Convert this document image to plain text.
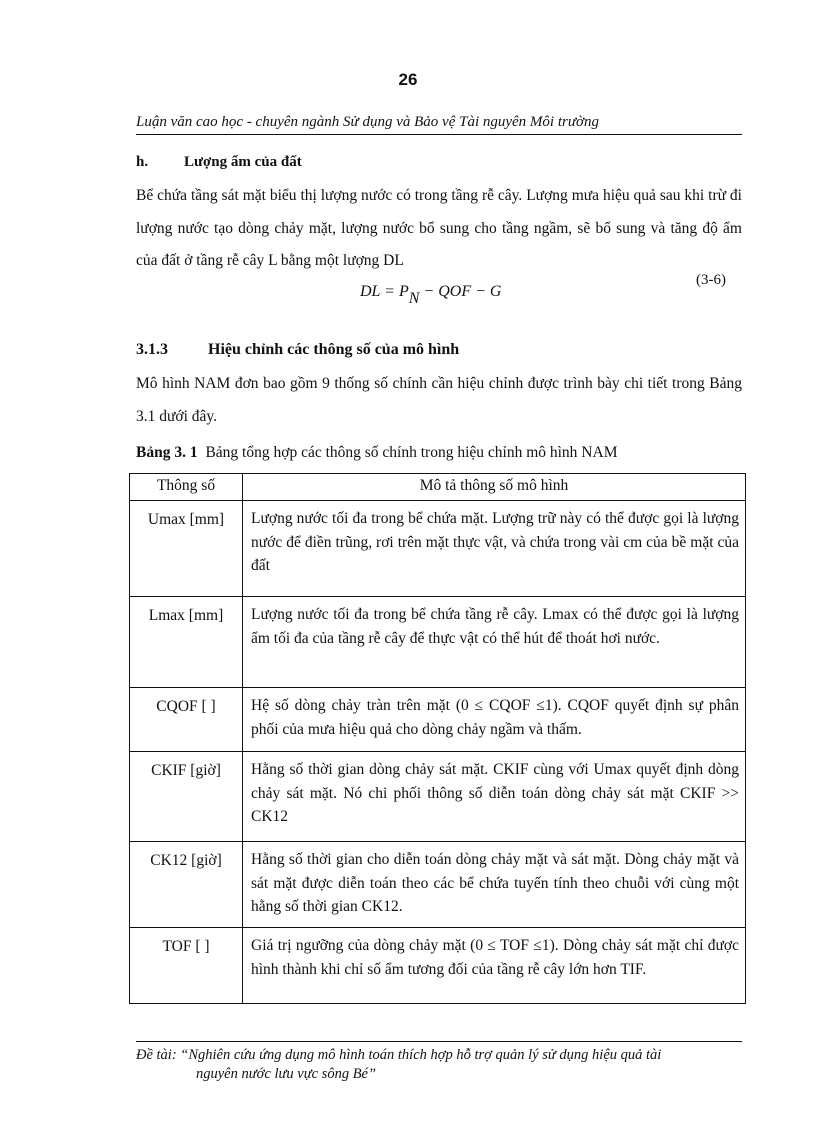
26
Luận văn cao học - chuyên ngành Sử dụng và Bảo vệ Tài nguyên Môi trường
h. Lượng ẩm của đất
Bể chứa tầng sát mặt biểu thị lượng nước có trong tầng rễ cây. Lượng mưa hiệu quả sau khi trừ đi lượng nước tạo dòng chảy mặt, lượng nước bổ sung cho tầng ngầm, sẽ bổ sung và tăng độ ẩm của đất ở tầng rễ cây L bằng một lượng DL
DL = $P_N$ − QOF − G
(3-6)
3.1.3	Hiệu chỉnh các thông số của mô hình
Mô hình NAM đơn bao gồm 9 thống số chính cần hiệu chỉnh được trình bày chi tiết trong Bảng 3.1 dưới đây.
Bảng 3. 1 Bảng tổng hợp các thông số chính trong hiệu chỉnh mô hình NAM
Thông số	Mô tả thông số mô hình
Umax [mm]	Lượng nước tối đa trong bể chứa mặt. Lượng trữ này có thể được gọi là lượng nước để điền trũng, rơi trên mặt thực vật, và chứa trong vài cm của bề mặt của đất
Lmax [mm]	Lượng nước tối đa trong bể chứa tầng rễ cây. Lmax có thể được gọi là lượng ẩm tối đa của tầng rễ cây để thực vật có thể hút để thoát hơi nước.
CQOF [ ]	Hệ số dòng chảy tràn trên mặt (0 ≤ CQOF ≤1). CQOF quyết định sự phân phối của mưa hiệu quả cho dòng chảy ngầm và thấm.
CKIF [giờ]	Hằng số thời gian dòng chảy sát mặt. CKIF cùng với Umax quyết định dòng chảy sát mặt. Nó chi phối thông số diễn toán dòng chảy sát mặt CKIF >> CK12
CK12 [giờ]	Hằng số thời gian cho diễn toán dòng chảy mặt và sát mặt. Dòng chảy mặt và sát mặt được diễn toán theo các bể chứa tuyến tính theo chuỗi với cùng một hằng số thời gian CK12.
TOF [ ]	Giá trị ngưỡng của dòng chảy mặt (0 ≤ TOF ≤1). Dòng chảy sát mặt chỉ được hình thành khi chỉ số ẩm tương đối của tầng rễ cây lớn hơn TIF.
Đề tài: “Nghiên cứu ứng dụng mô hình toán thích hợp hỗ trợ quản lý sử dụng hiệu quả tài
nguyên nước lưu vực sông Bé”
